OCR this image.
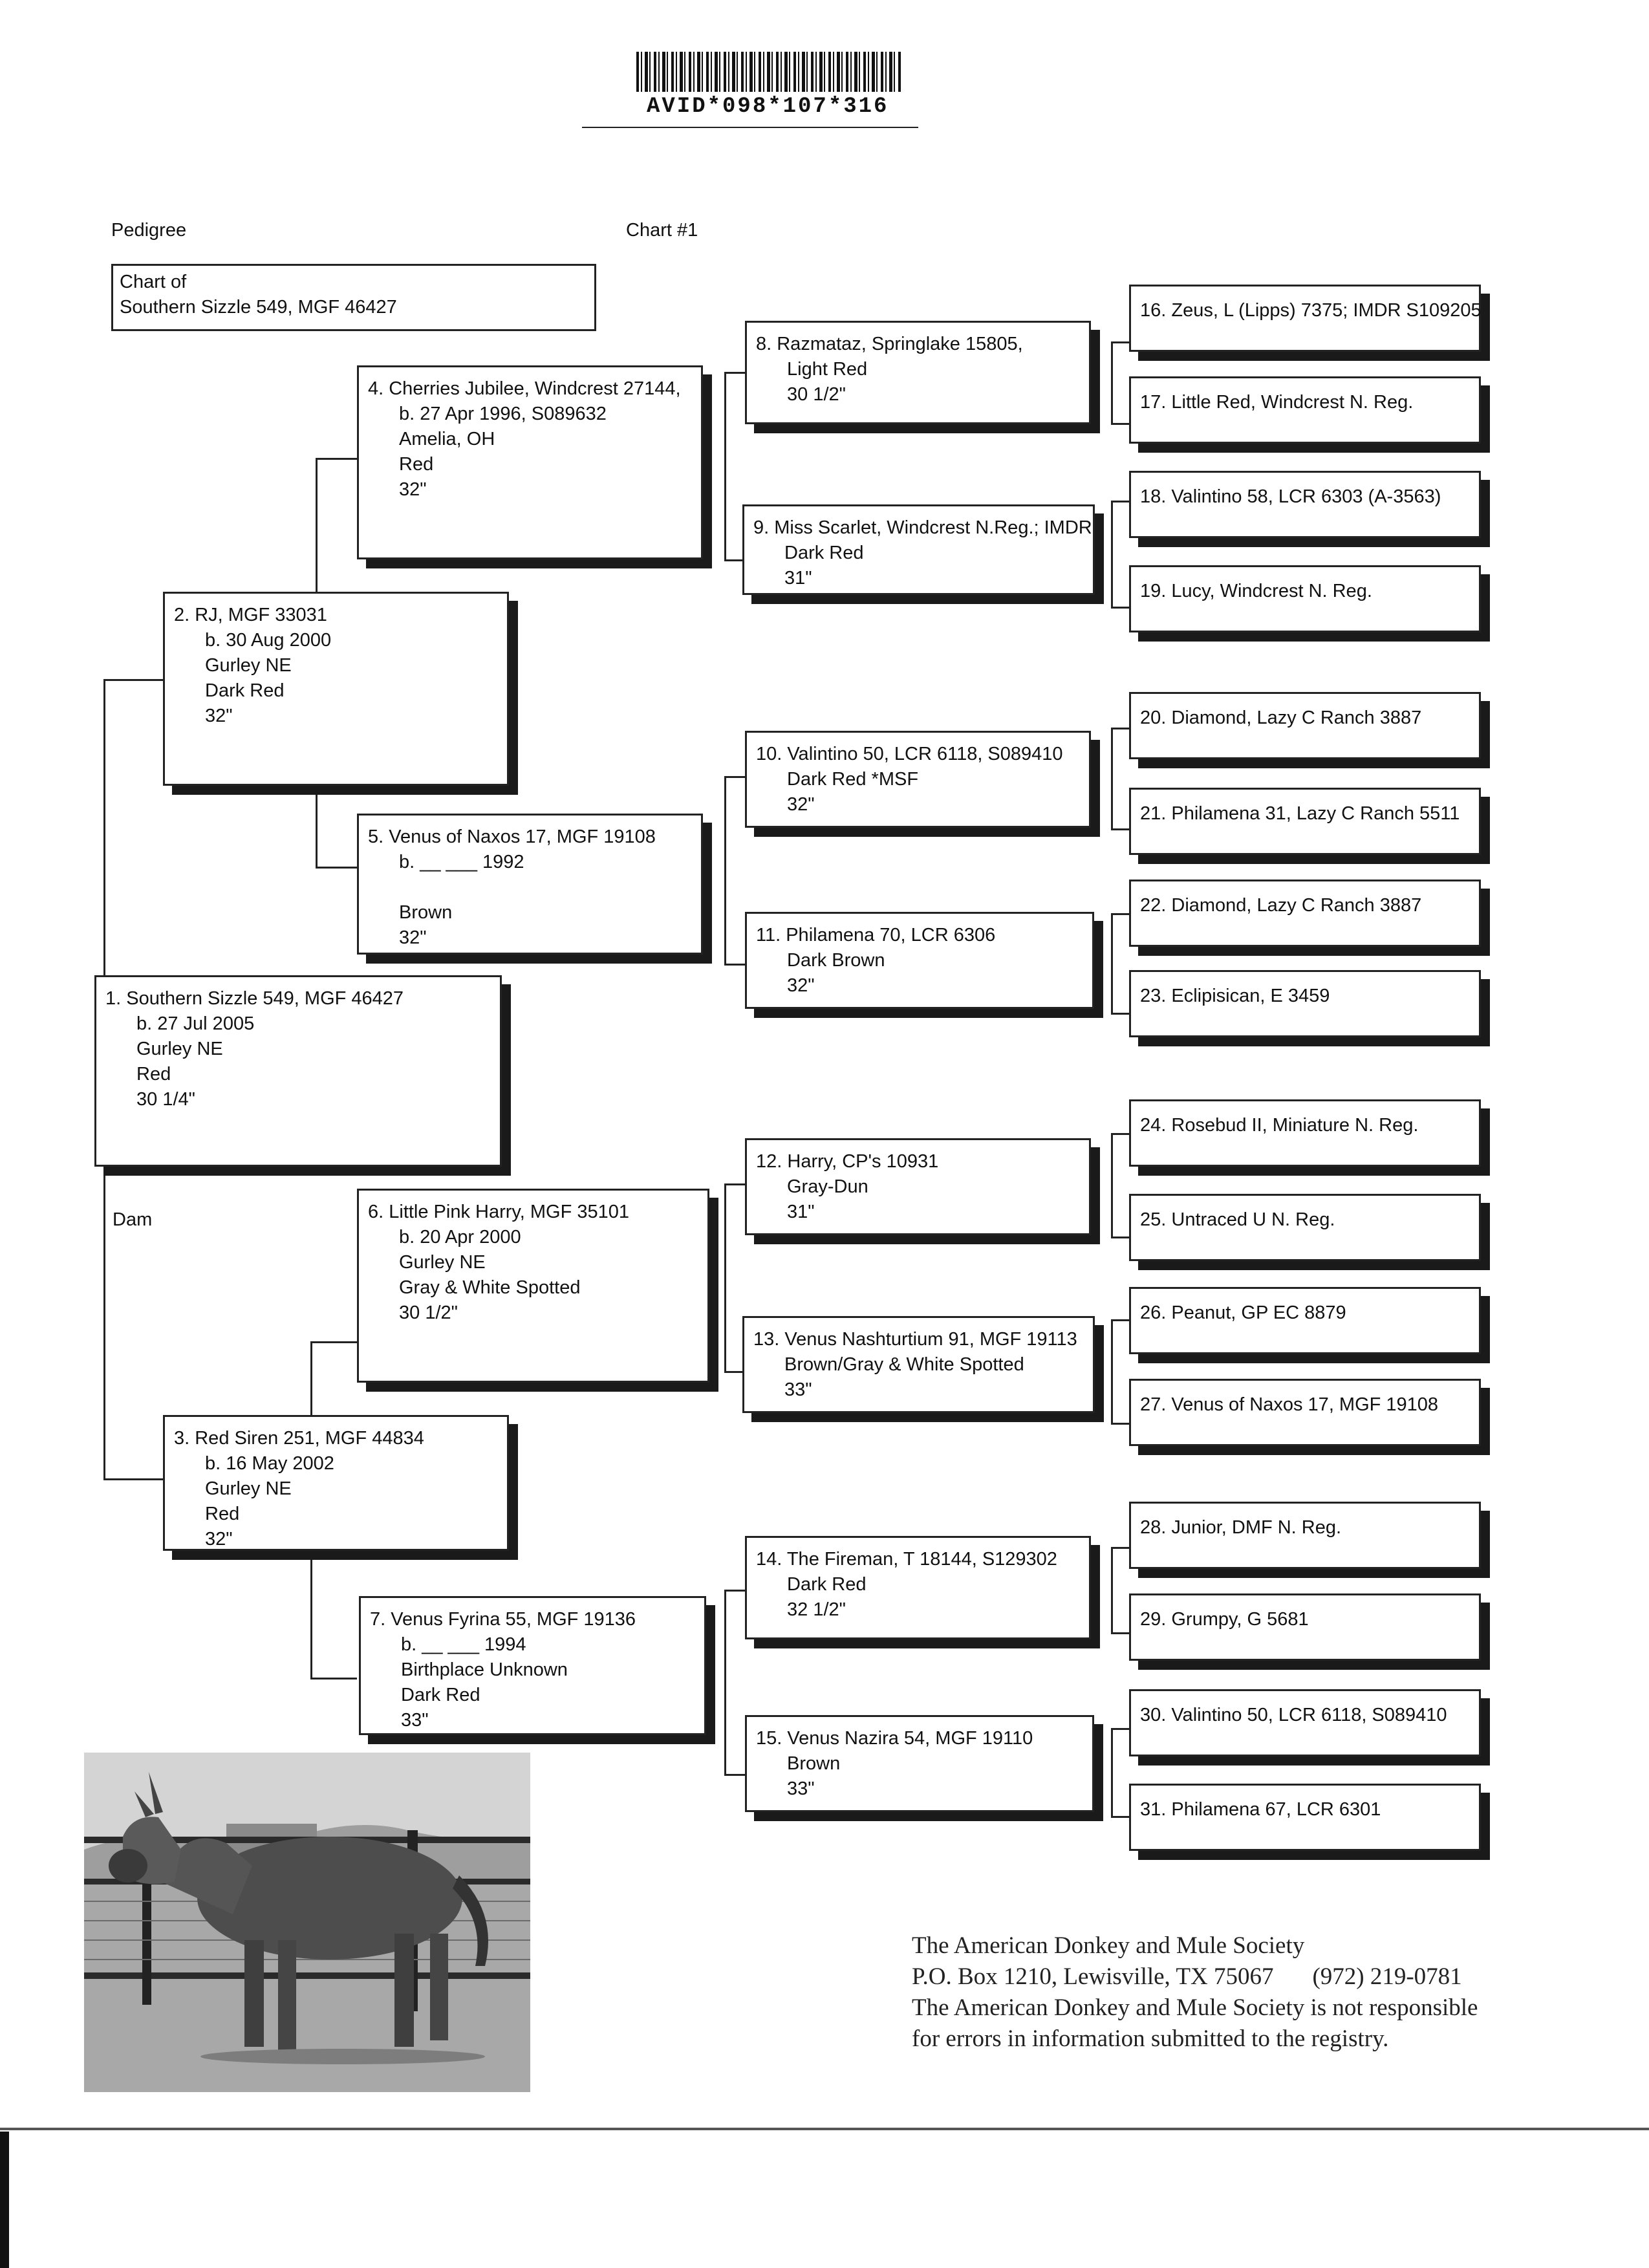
AVID*098*107*316
Pedigree	Chart #1
Chart of
Southern Sizzle 549, MGF 46427
1. Southern Sizzle 549, MGF 46427
b. 27 Jul 2005
Gurley NE
Red
30 1/4"
Dam
2. RJ, MGF 33031
b. 30 Aug 2000
Gurley NE
Dark Red
32"
3. Red Siren 251, MGF 44834
b. 16 May 2002
Gurley NE
Red
32"
4. Cherries Jubilee, Windcrest 27144,
b. 27 Apr 1996, S089632
Amelia, OH
Red
32"
5. Venus of Naxos 17, MGF 19108
b. __ ___ 1992
Brown
32"
6. Little Pink Harry, MGF 35101
b. 20 Apr 2000
Gurley NE
Gray & White Spotted
30 1/2"
7. Venus Fyrina 55, MGF 19136
b. __ ___ 1994
Birthplace Unknown
Dark Red
33"
8. Razmataz, Springlake 15805,
Light Red
30 1/2"
9. Miss Scarlet, Windcrest N.Reg.; IMDR
Dark Red
31"
10. Valintino 50, LCR 6118, S089410
Dark Red *MSF
32"
11. Philamena 70, LCR 6306
Dark Brown
32"
12. Harry, CP's 10931
Gray-Dun
31"
13. Venus Nashturtium 91, MGF 19113
Brown/Gray & White Spotted
33"
14. The Fireman, T 18144, S129302
Dark Red
32 1/2"
15. Venus Nazira 54, MGF 19110
Brown
33"
16. Zeus, L (Lipps) 7375; IMDR S109205
17. Little Red, Windcrest N. Reg.
18. Valintino 58, LCR 6303 (A-3563)
19. Lucy, Windcrest N. Reg.
20. Diamond, Lazy C Ranch 3887
21. Philamena 31, Lazy C Ranch 5511
22. Diamond, Lazy C Ranch 3887
23. Eclipisican, E 3459
24. Rosebud II, Miniature N. Reg.
25. Untraced U N. Reg.
26. Peanut, GP EC 8879
27. Venus of Naxos 17, MGF 19108
28. Junior, DMF N. Reg.
29. Grumpy, G 5681
30. Valintino 50, LCR 6118, S089410
31. Philamena 67, LCR 6301
The American Donkey and Mule Society
P.O. Box 1210, Lewisville, TX 75067 (972) 219-0781
The American Donkey and Mule Society is not responsible
for errors in information submitted to the registry.
